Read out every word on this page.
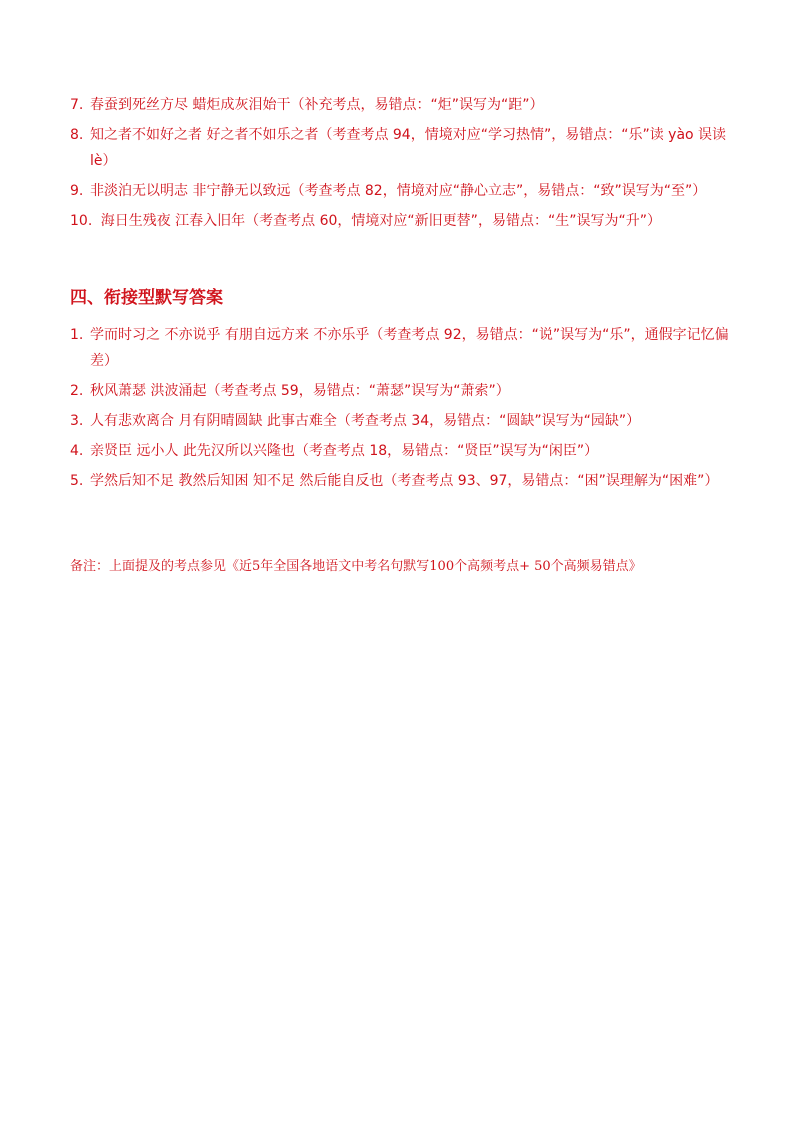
7. 春蚕到死丝方尽 蜡炬成灰泪始干（补充考点，易错点：“炬”误写为“距”）
8. 知之者不如好之者 好之者不如乐之者（考查考点 94，情境对应“学习热情”，易错点：“乐”读 yào 误读 lè）
9. 非淡泊无以明志 非宁静无以致远（考查考点 82，情境对应“静心立志”，易错点：“致”误写为“至”）
10. 海日生残夜 江春入旧年（考查考点 60，情境对应“新旧更替”，易错点：“生”误写为“升”）
四、衔接型默写答案
1. 学而时习之 不亦说乎 有朋自远方来 不亦乐乎（考查考点 92，易错点：“说”误写为“乐”，通假字记忆偏差）
2. 秋风萧瑟 洪波涌起（考查考点 59，易错点：“萧瑟”误写为“萧索”）
3. 人有悲欢离合 月有阴晴圆缺 此事古难全（考查考点 34，易错点：“圆缺”误写为“园缺”）
4. 亲贤臣 远小人 此先汉所以兴隆也（考查考点 18，易错点：“贤臣”误写为“闲臣”）
5. 学然后知不足 教然后知困 知不足 然后能自反也（考查考点 93、97，易错点：“困”误理解为“困难”）

备注：上面提及的考点参见《近5年全国各地语文中考名句默写100个高频考点+ 50个高频易错点》
